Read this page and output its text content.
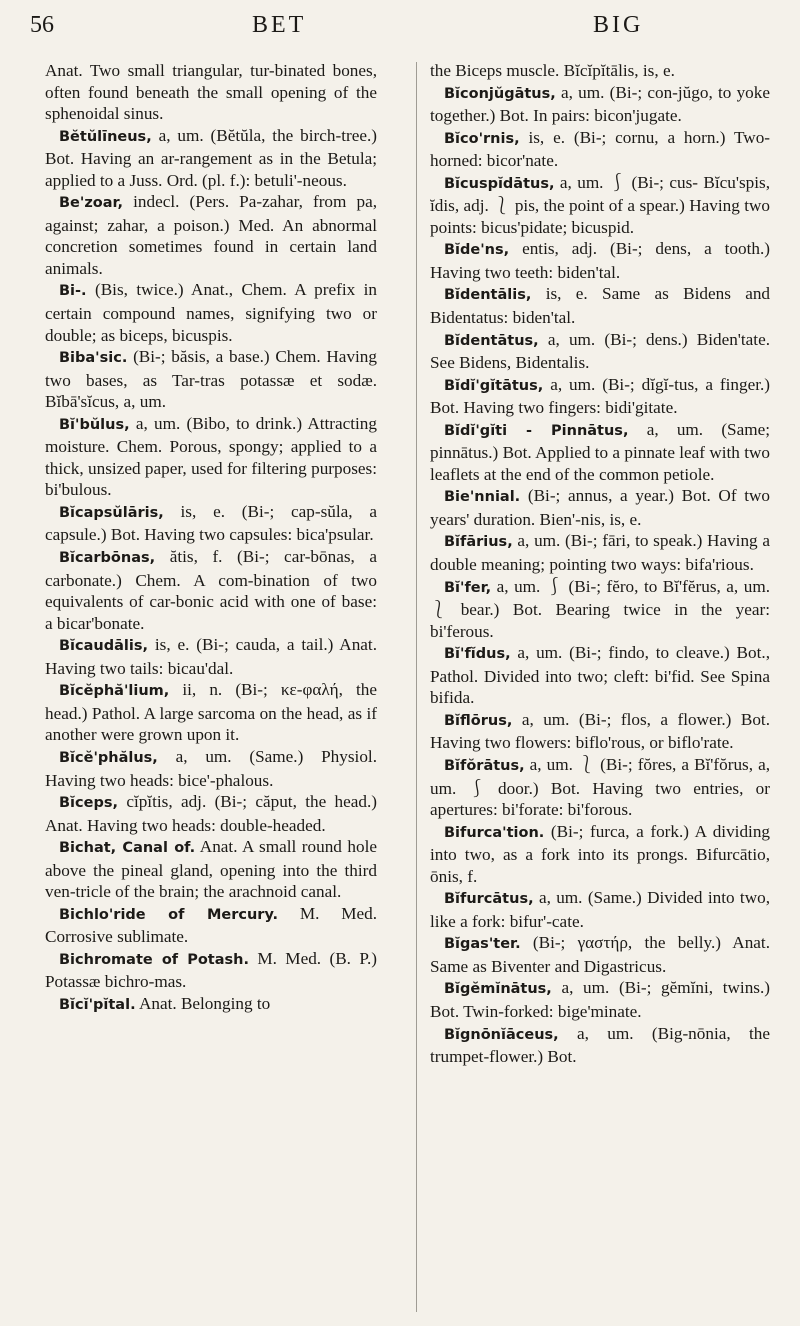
56	BET	BIG

Anat. Two small triangular, tur-binated bones, often found beneath the small opening of the sphenoidal sinus.

Bĕtŭlīneus, a, um. (Bĕtŭla, the birch-tree.) Bot. Having an ar-rangement as in the Betula; applied to a Juss. Ord. (pl. f.): betuli'-neous.

Be'zoar, indecl. (Pers. Pa-zahar, from pa, against; zahar, a poison.) Med. An abnormal concretion sometimes found in certain land animals.

Bi-. (Bis, twice.) Anat., Chem. A prefix in certain compound names, signifying two or double; as biceps, bicuspis.

Biba'sic. (Bi-; băsis, a base.) Chem. Having two bases, as Tar-tras potassæ et sodæ. Bĭbā'sĭcus, a, um.

Bĭ'bŭlus, a, um. (Bibo, to drink.) Attracting moisture. Chem. Porous, spongy; applied to a thick, unsized paper, used for filtering purposes: bi'bulous.

Bĭcapsŭlāris, is, e. (Bi-; cap-sŭla, a capsule.) Bot. Having two capsules: bica'psular.

Bĭcarbōnas, ătis, f. (Bi-; car-bōnas, a carbonate.) Chem. A com-bination of two equivalents of car-bonic acid with one of base: a bicar'bonate.

Bĭcaudālis, is, e. (Bi-; cauda, a tail.) Anat. Having two tails: bicau'dal.

Bĭcĕphă'lium, ii, n. (Bi-; κε-φαλή, the head.) Pathol. A large sarcoma on the head, as if another were grown upon it.

Bĭcĕ'phălus, a, um. (Same.) Physiol. Having two heads: bice'-phalous.

Bĭceps, cĭpĭtis, adj. (Bi-; căput, the head.) Anat. Having two heads: double-headed.

Bichat, Canal of. Anat. A small round hole above the pineal gland, opening into the third ven-tricle of the brain; the arachnoid canal.

Bichlo'ride of Mercury. M. Med. Corrosive sublimate.

Bichromate of Potash. M. Med. (B. P.) Potassæ bichro-mas.

Bĭcĭ'pĭtal. Anat. Belonging to

the Biceps muscle. Bĭcĭpĭtālis, is, e.

Bĭconjŭgātus, a, um. (Bi-; con-jŭgo, to yoke together.) Bot. In pairs: bicon'jugate.

Bĭco'rnis, is, e. (Bi-; cornu, a horn.) Two-horned: bicor'nate.

Bĭcuspĭdātus, a, um. ⎰ (Bi-; cus- Bĭcu'spis, ĭdis, adj. ⎱ pis, the point of a spear.) Having two points: bicus'pidate; bicuspid.

Bĭde'ns, entis, adj. (Bi-; dens, a tooth.) Having two teeth: biden'tal.

Bĭdentālis, is, e. Same as Bidens and Bidentatus: biden'tal.

Bĭdentātus, a, um. (Bi-; dens.) Biden'tate. See Bidens, Bidentalis.

Bĭdĭ'gĭtātus, a, um. (Bi-; dĭgĭ-tus, a finger.) Bot. Having two fingers: bidi'gitate.

Bĭdĭ'gĭti - Pinnātus, a, um. (Same; pinnātus.) Bot. Applied to a pinnate leaf with two leaflets at the end of the common petiole.

Bie'nnial. (Bi-; annus, a year.) Bot. Of two years' duration. Bien'-nis, is, e.

Bĭfārius, a, um. (Bi-; fāri, to speak.) Having a double meaning; pointing two ways: bifa'rious.

Bĭ'fer, a, um. ⎰ (Bi-; fĕro, to Bĭ'fĕrus, a, um. ⎱ bear.) Bot. Bearing twice in the year: bi'ferous.

Bĭ'fĭdus, a, um. (Bi-; findo, to cleave.) Bot., Pathol. Divided into two; cleft: bi'fid. See Spina bifida.

Bĭflōrus, a, um. (Bi-; flos, a flower.) Bot. Having two flowers: biflo'rous, or biflo'rate.

Bĭfŏrātus, a, um. ⎱ (Bi-; fŏres, a Bĭ'fŏrus, a, um. ⎰ door.) Bot. Having two entries, or apertures: bi'forate: bi'forous.

Bifurca'tion. (Bi-; furca, a fork.) A dividing into two, as a fork into its prongs. Bifurcātio, ōnis, f.

Bĭfurcātus, a, um. (Same.) Divided into two, like a fork: bifur'-cate.

Bĭgas'ter. (Bi-; γαστήρ, the belly.) Anat. Same as Biventer and Digastricus.

Bĭgĕmĭnātus, a, um. (Bi-; gĕmĭni, twins.) Bot. Twin-forked: bige'minate.

Bĭgnōnĭāceus, a, um. (Big-nōnia, the trumpet-flower.) Bot.
